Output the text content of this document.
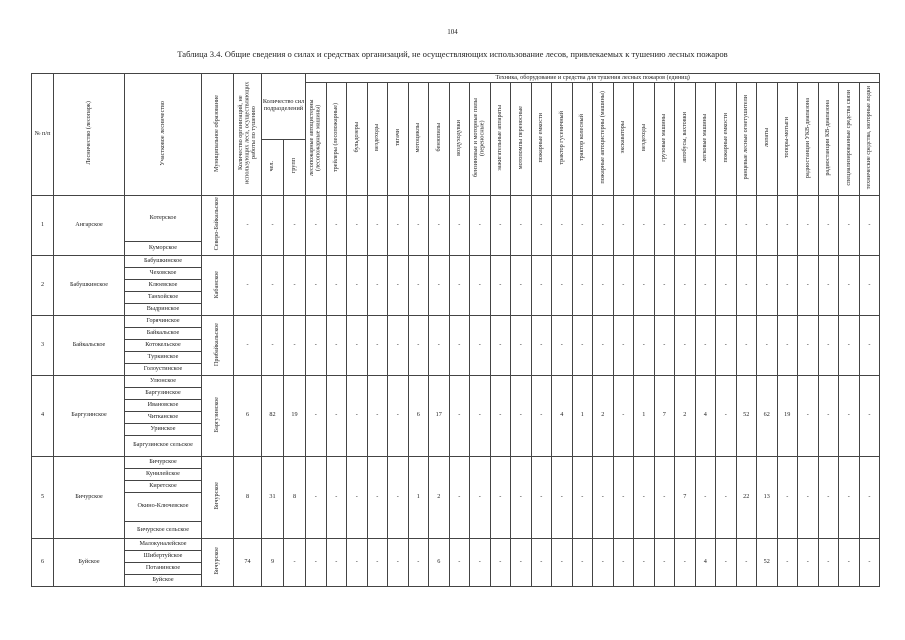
104
Таблица 3.4. Общие сведения о силах и средствах организаций, не осуществляющих использование лесов, привлекаемых к тушению лесных пожаров
№ п/п	Лесничество (лесопарк)	Участковое лесничество	Муниципальное образование	Количество организаций, не использующих леса, осуществляющих работы по тушению	Количество сил подразделений		Техника, оборудование и средства для тушения лесных пожаров (единиц)																											
							лесопожарные автоцистерны (лесопожарные машины)	трейлеры (лесопожарные)	бульдозеры	вездеходы	тягачи	мотоциклы	бензопилы	воздуходувки	бензиновые и моторные пилы (переносные)	зажигательные аппараты	мотопомпы переносные	пожарные емкости	трактор гусеничный	трактор колесный	пожарные автоцистерны (машины)	экскаваторы	вездеходы	грузовые машины	автобусы, вахтовки	легковые машины	пожарные емкости	ранцевые лесные огнетушители	лопаты	топоры-мотыги	радиостанции УКВ-диапазона	радиостанции КВ-диапазона	специализированные средства связи	технические средства, моторные лодки
					чел.	групп																												
1	Ангарское	Котерское	Северо-Байкальское	-	-	-	-	-	-	-	-	-	-	-	-	-	-	-	-	-	-	-	-	-	-	-	-	-	-	-	-	-	-	-
		Куморское																																
2	Бабушкинское	Бабушкинское	Кабанское	-	-	-	-	-	-	-	-	-	-	-	-	-	-	-	-	-	-	-	-	-	-	-	-	-	-	-	-	-	-	-
		Чеховское																																
		Клюевское																																
		Танхойское																																
		Выдринское																																
3	Байкальское	Горячинское	Прибайкальское	-	-	-	-	-	-	-	-	-	-	-	-	-	-	-	-	-	-	-	-	-	-	-	-	-	-	-	-	-	-	-
		Байкальское																																
		Котокельское																																
		Туркинское																																
		Голоустинское																																
4	Баргузинское	Улюнское	Баргузинское	6	82	19	-	-	-	-	-	6	17	-	-	-	-	-	4	1	2	-	1	7	2	4	-	52	62	19	-	-	-	-
		Баргузинское																																
		Ивановское																																
		Читканское																																
		Уринское																																
		Баргузинское сельское																																
5	Бичурское	Бичурское	Бичурское	8	31	8	-	-	-	-	-	1	2	-	-	-	-	-	-	-	-	-	-	-	7	-	-	22	13	-	-	-	-	-
		Кунилейское																																
		Киретское																																
		Окино-Ключевское																																
		Бичурское сельское																																
6	Буйское	Малокуналейское	Бичурское	74	9	-	-	-	-	-	-	-	6	-	-	-	-	-	-	-	-	-	-	-	-	4	-	-	52	-	-	-	-	-
		Шибертуйское																																
		Потанинское																																
		Буйское																																
